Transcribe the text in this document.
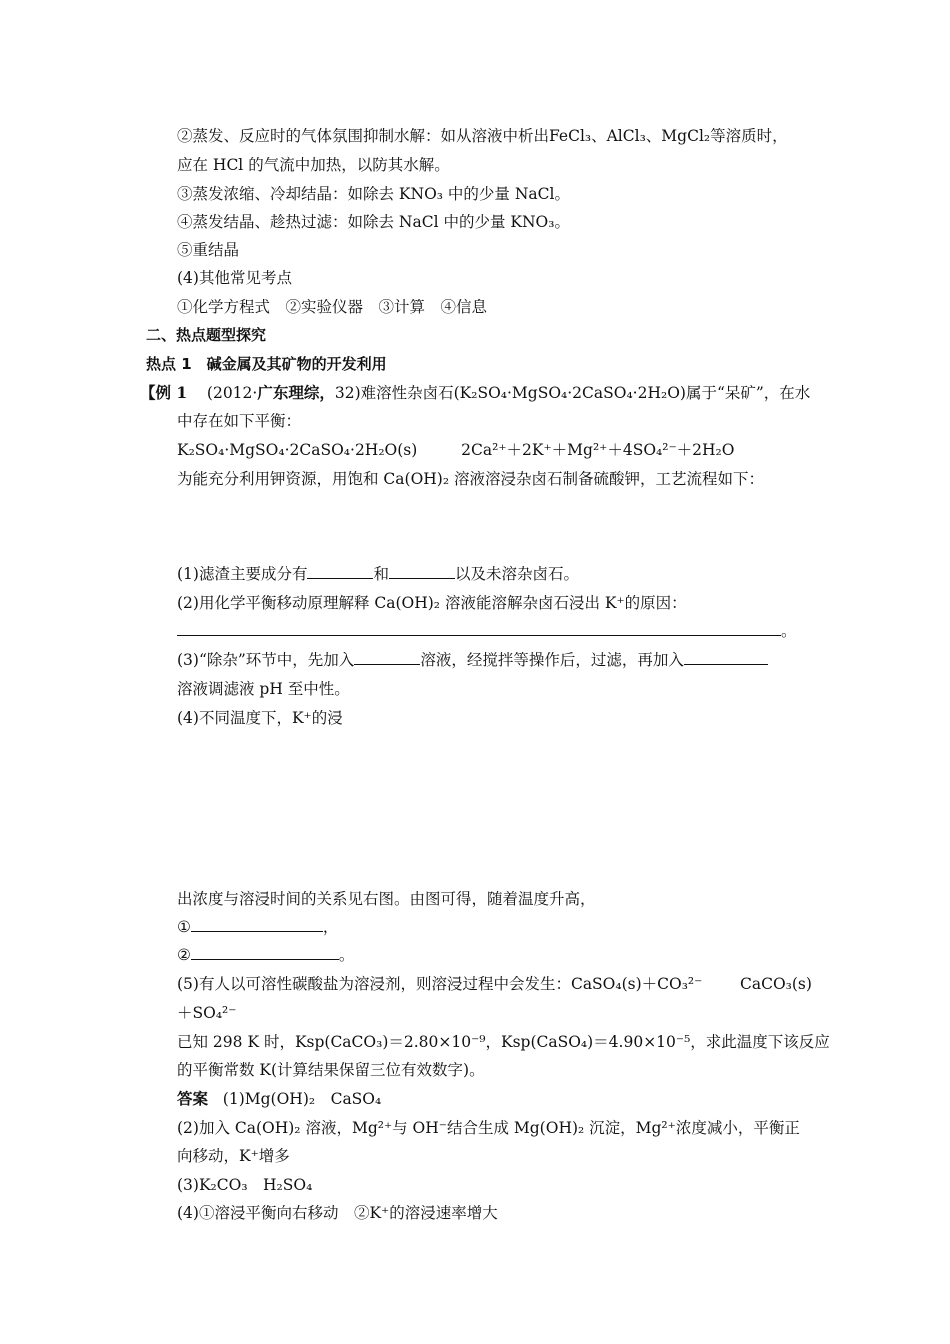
②蒸发、反应时的气体氛围抑制水解：如从溶液中析出FeCl₃、AlCl₃、MgCl₂等溶质时，
应在 HCl 的气流中加热，以防其水解。
③蒸发浓缩、冷却结晶：如除去 KNO₃ 中的少量 NaCl。
④蒸发结晶、趁热过滤：如除去 NaCl 中的少量 KNO₃。
⑤重结晶
(4)其他常见考点
①化学方程式　②实验仪器　③计算　④信息
二、热点题型探究
热点 1　碱金属及其矿物的开发利用
【例 1 (2012·广东理综，32)难溶性杂卤石(K₂SO₄·MgSO₄·2CaSO₄·2H₂O)属于“呆矿”，在水
中存在如下平衡：
K₂SO₄·MgSO₄·2CaSO₄·2H₂O(s)	2Ca²⁺＋2K⁺＋Mg²⁺＋4SO₄²⁻＋2H₂O
为能充分利用钾资源，用饱和 Ca(OH)₂ 溶液溶浸杂卤石制备硫酸钾，工艺流程如下：
(1)滤渣主要成分有	和	以及未溶杂卤石。
(2)用化学平衡移动原理解释 Ca(OH)₂ 溶液能溶解杂卤石浸出 K⁺的原因：
。
(3)“除杂”环节中，先加入	溶液，经搅拌等操作后，过滤，再加入
溶液调滤液 pH 至中性。
(4)不同温度下，K⁺的浸
出浓度与溶浸时间的关系见右图。由图可得，随着温度升高，
①	，
②	。
(5)有人以可溶性碳酸盐为溶浸剂，则溶浸过程中会发生：CaSO₄(s)＋CO₃²⁻ CaCO₃(s)
＋SO₄²⁻
已知 298 K 时，Ksp(CaCO₃)＝2.80×10⁻⁹，Ksp(CaSO₄)＝4.90×10⁻⁵，求此温度下该反应
的平衡常数 K(计算结果保留三位有效数字)。
答案 (1)Mg(OH)₂　CaSO₄
(2)加入 Ca(OH)₂ 溶液，Mg²⁺与 OH⁻结合生成 Mg(OH)₂ 沉淀，Mg²⁺浓度减小，平衡正
向移动，K⁺增多
(3)K₂CO₃　H₂SO₄
(4)①溶浸平衡向右移动　②K⁺的溶浸速率增大
